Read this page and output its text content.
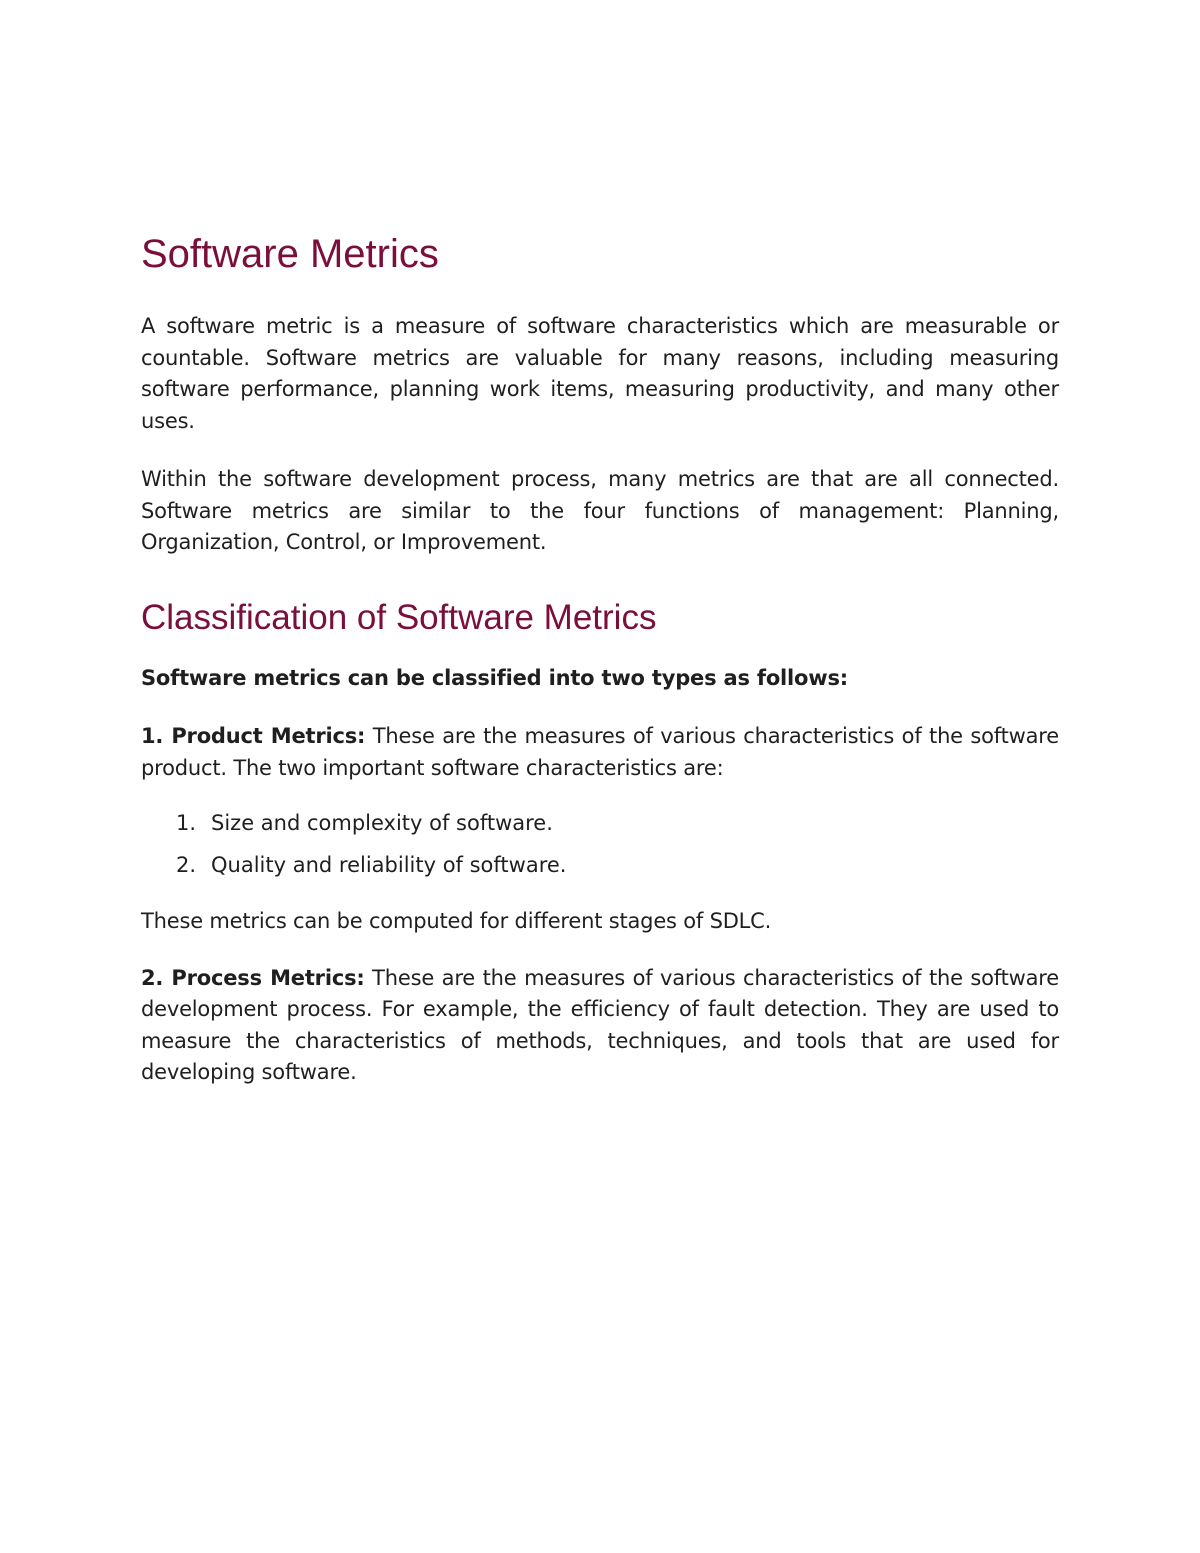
Software Metrics

A software metric is a measure of software characteristics which are measurable or countable. Software metrics are valuable for many reasons, including measuring software performance, planning work items, measuring productivity, and many other uses.

Within the software development process, many metrics are that are all connected. Software metrics are similar to the four functions of management: Planning, Organization, Control, or Improvement.

Classification of Software Metrics

Software metrics can be classified into two types as follows:

1. Product Metrics: These are the measures of various characteristics of the software product. The two important software characteristics are:

1. Size and complexity of software.
2. Quality and reliability of software.

These metrics can be computed for different stages of SDLC.

2. Process Metrics: These are the measures of various characteristics of the software development process. For example, the efficiency of fault detection. They are used to measure the characteristics of methods, techniques, and tools that are used for developing software.
